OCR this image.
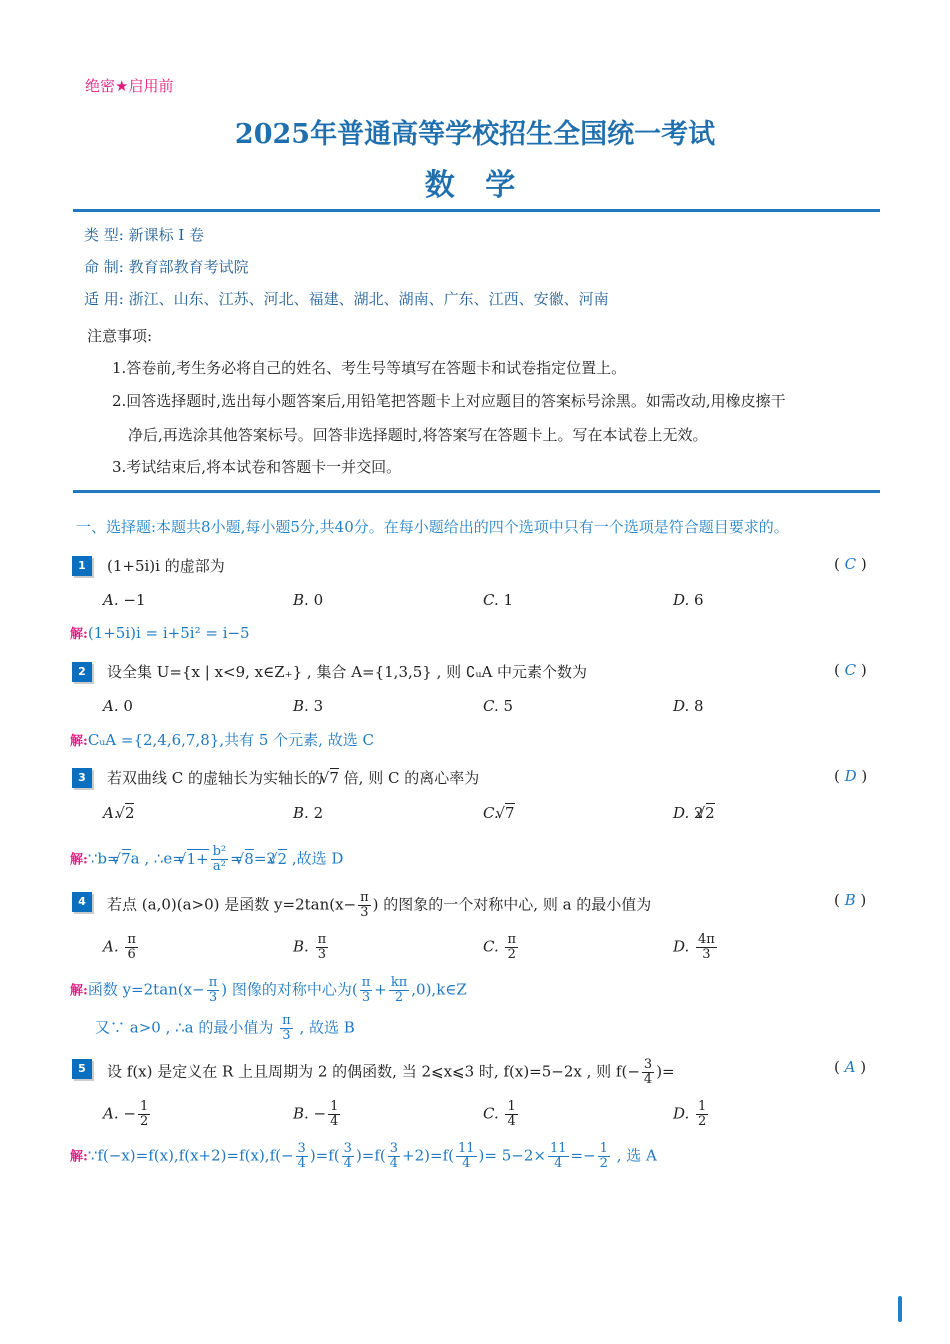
绝密★启用前
2025年普通高等学校招生全国统一考试
数 学
类 型: 新课标 I 卷
命 制: 教育部教育考试院
适 用: 浙江、山东、江苏、河北、福建、湖北、湖南、广东、江西、安徽、河南
注意事项:
1.答卷前,考生务必将自己的姓名、考生号等填写在答题卡和试卷指定位置上。
2.回答选择题时,选出每小题答案后,用铅笔把答题卡上对应题目的答案标号涂黑。如需改动,用橡皮擦干
净后,再选涂其他答案标号。回答非选择题时,将答案写在答题卡上。写在本试卷上无效。
3.考试结束后,将本试卷和答题卡一并交回。
一、选择题:本题共8小题,每小题5分,共40分。在每小题给出的四个选项中只有一个选项是符合题目要求的。
1	(1+5i)i 的虚部为	( C )
A. −1	B. 0	C. 1	D. 6
解:(1+5i)i = i+5i² = i−5
2	设全集 U={x | x<9, x∈Z₊} , 集合 A={1,3,5} , 则 ∁ᵤA 中元素个数为	( C )
A. 0	B. 3	C. 5	D. 8
解:CᵤA ={2,4,6,7,8},共有 5 个元素, 故选 C
3	若双曲线 C 的虚轴长为实轴长的 √ 7 倍, 则 C 的离心率为	( D )
A. √ 2	B. 2	C. √ 7	D. 2 √ 2
解:∵b= √ 7a , ∴e= √ $1+ \frac{\text{b²}}{\text{a²}}$ = √ 8=2 √ 2 ,故选 D
4	若点 (a,0)(a>0) 是函数 $y=2\tan(x- \frac{\pi}{3}$ ) 的图象的一个对称中心, 则 a 的最小值为	( B )
A. $\frac{\pi}{6}$	B. $\frac{\pi}{3}$	C. $\frac{\pi}{2}$	D. $\frac{4\pi}{3}$
解:函数 $y=2\tan(x- \frac{\pi}{3}$ ) 图像的对称中心为( $\frac{\pi}{3} + \frac{k\pi}{2}$ ,0),k∈Z
又∵ a>0 , ∴a 的最小值为 $\frac{\pi}{3}$ , 故选 B
5	设 f(x) 是定义在 R 上且周期为 2 的偶函数, 当 2⩽x⩽3 时, f(x)=5−2x , 则 $f(- \frac{3}{4}$ )=	( A )
A. − $\frac{1}{2}$	B. − $\frac{1}{4}$	C. $\frac{1}{4}$	D. $\frac{1}{2}$
解:∵f(−x)=f(x),f(x+2)=f(x),f(− $\frac{3}{4} )=f( \frac{3}{4} )=f( \frac{3}{4} +2)=f( \frac{11}{4}$ )= $5-2\times \frac{11}{4} =- \frac{1}{2}$ , 选 A
